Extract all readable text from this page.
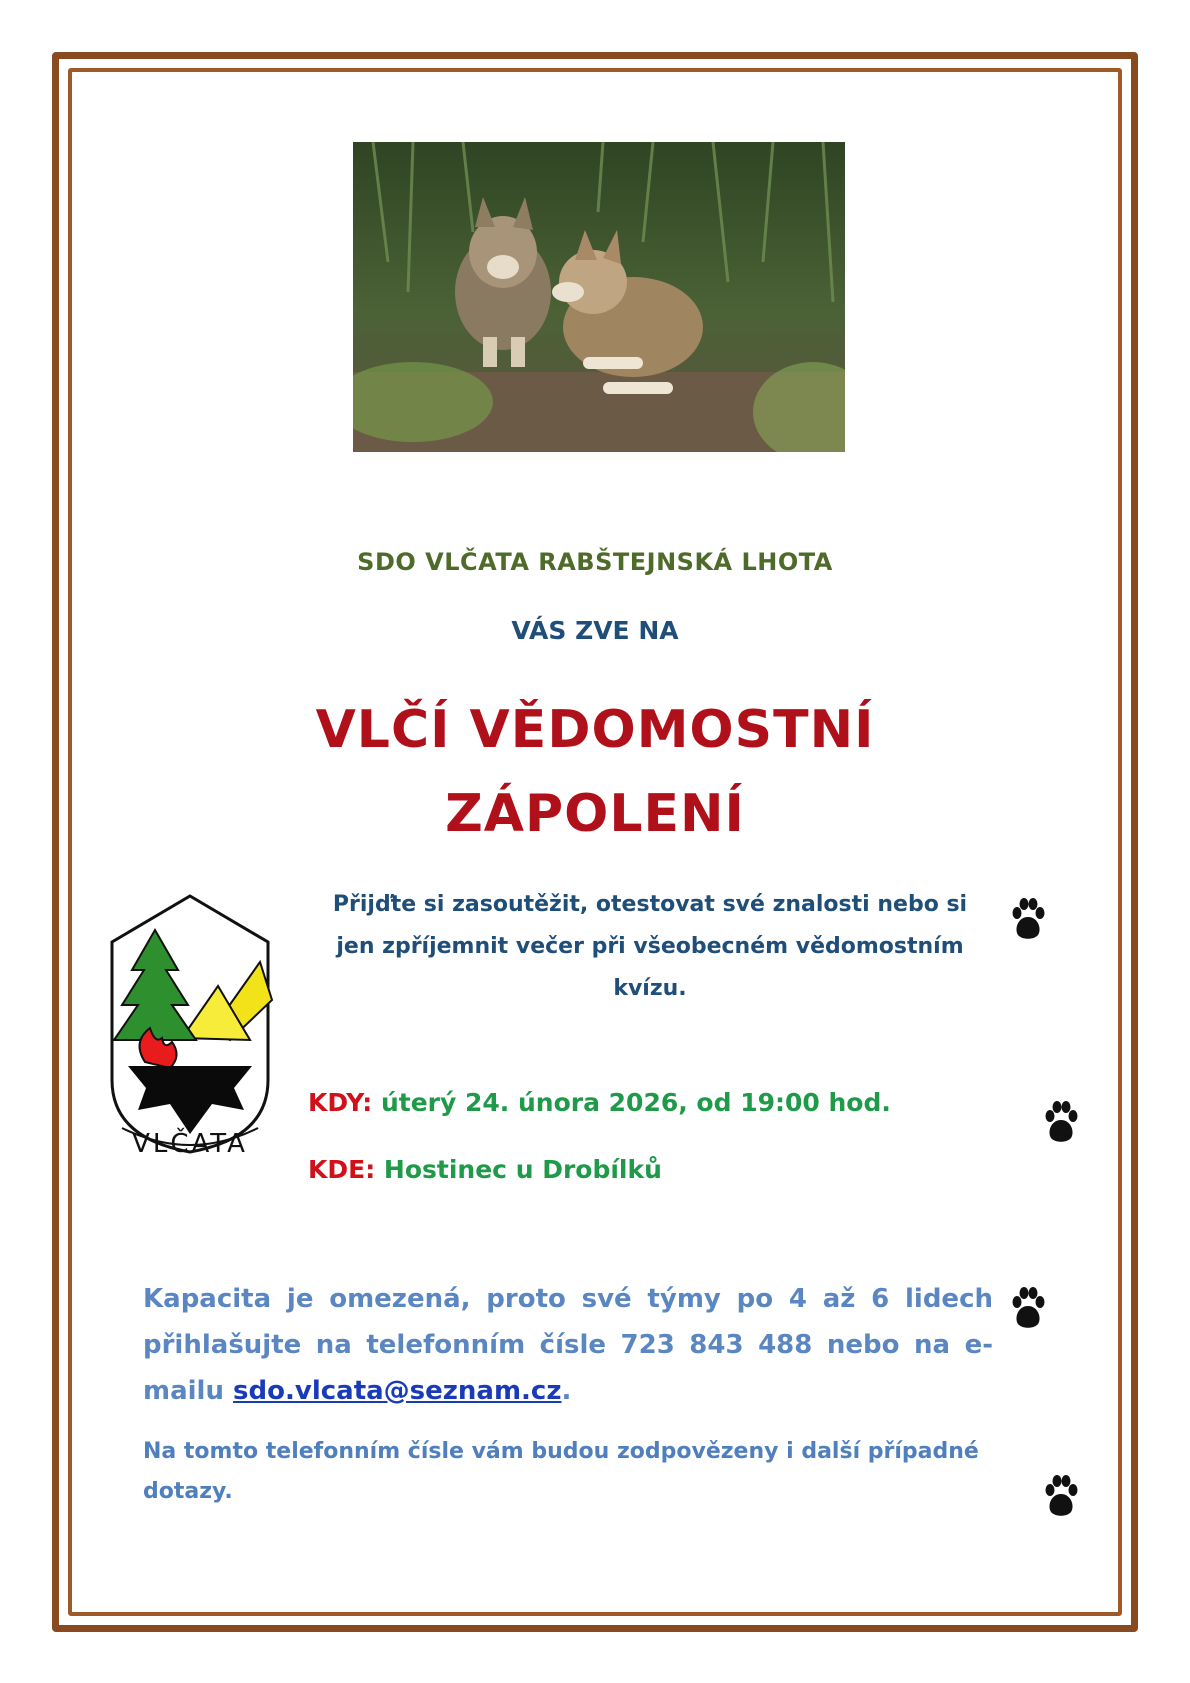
SDO VLČATA RABŠTEJNSKÁ LHOTA
VÁS ZVE NA
VLČÍ VĚDOMOSTNÍ
ZÁPOLENÍ
Přijďte si zasoutěžit, otestovat své znalosti nebo si
jen zpříjemnit večer při všeobecném vědomostním
kvízu.
VLČATA
KDY: úterý 24. února 2026, od 19:00 hod.
KDE: Hostinec u Drobílků
Kapacita je omezená, proto své týmy po 4 až 6 lidech přihlašujte na telefonním čísle 723 843 488 nebo na e-mailu sdo.vlcata@seznam.cz.
Na tomto telefonním čísle vám budou zodpovězeny i další případné dotazy.
